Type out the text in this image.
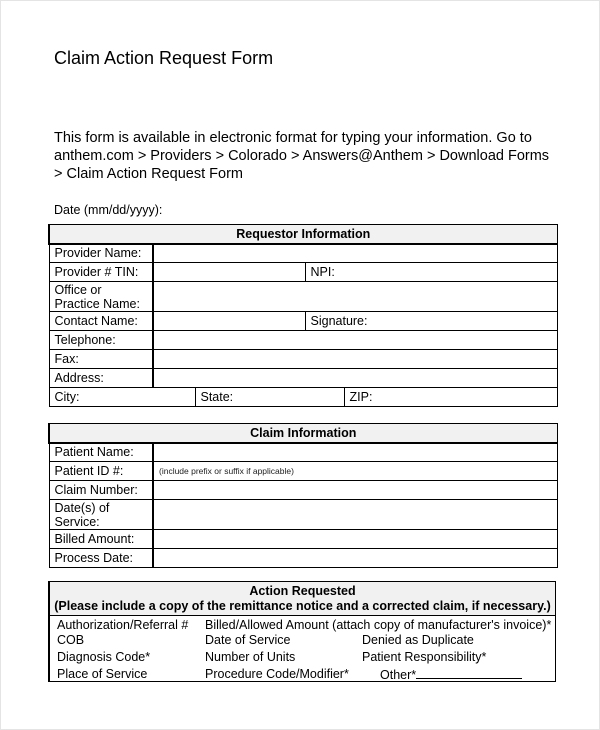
Claim Action Request Form
This form is available in electronic format for typing your information. Go to anthem.com > Providers > Colorado > Answers@Anthem > Download Forms > Claim Action Request Form
Date (mm/dd/yyyy):
Requestor Information				
Provider Name:				
Provider # TIN:			NPI:	
Office or Practice Name:				
Contact Name:			Signature:	
Telephone:				
Fax:				
Address:				
City:		State:		ZIP:
Claim Information	
Patient Name:	
Patient ID #:	(include prefix or suffix if applicable)
Claim Number:	
Date(s) of Service:	
Billed Amount:	
Process Date:	
Action Requested
(Please include a copy of the remittance notice and a corrected claim, if necessary.)
Authorization/Referral # Billed/Allowed Amount (attach copy of manufacturer's invoice)*
COB	Date of Service	Denied as Duplicate
Diagnosis Code*	Number of Units	Patient Responsibility*
Place of Service	Procedure Code/Modifier* Other*
